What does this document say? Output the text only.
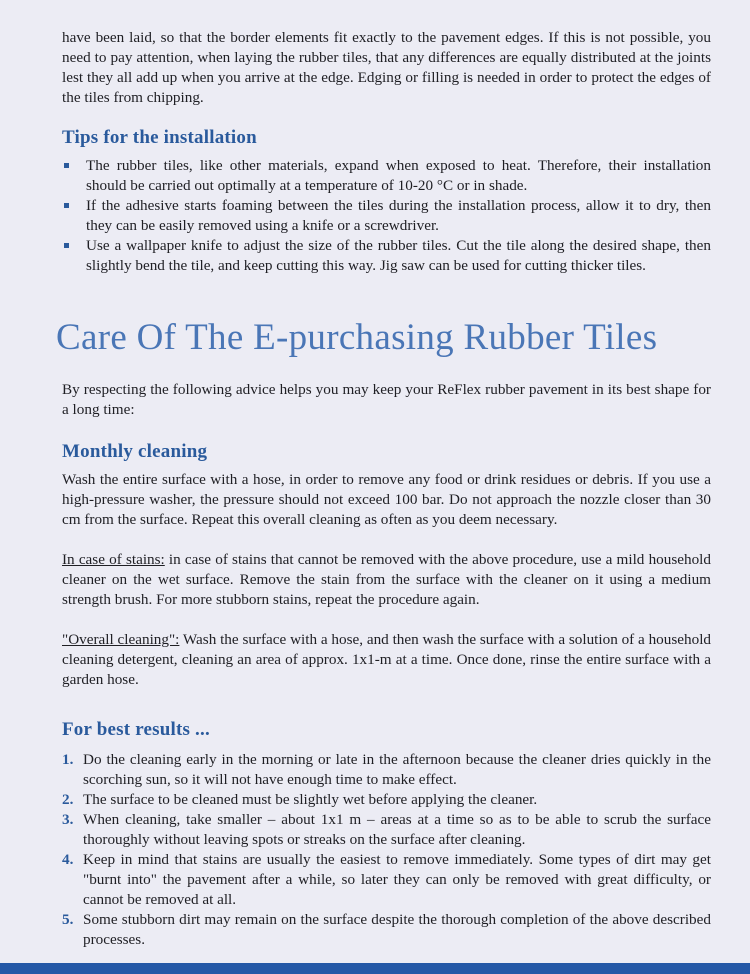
have been laid, so that the border elements fit exactly to the pavement edges. If this is not possible, you need to pay attention, when laying the rubber tiles, that any differences are equally distributed at the joints lest they all add up when you arrive at the edge. Edging or filling is needed in order to protect the edges of the tiles from chipping.

Tips for the installation
The rubber tiles, like other materials, expand when exposed to heat. Therefore, their installation should be carried out optimally at a temperature of 10-20 °C or in shade.
If the adhesive starts foaming between the tiles during the installation process, allow it to dry, then they can be easily removed using a knife or a screwdriver.
Use a wallpaper knife to adjust the size of the rubber tiles. Cut the tile along the desired shape, then slightly bend the tile, and keep cutting this way. Jig saw can be used for cutting thicker tiles.
Care Of The E-purchasing Rubber Tiles

By respecting the following advice helps you may keep your ReFlex rubber pavement in its best shape for a long time:

Monthly cleaning

Wash the entire surface with a hose, in order to remove any food or drink residues or debris. If you use a high-pressure washer, the pressure should not exceed 100 bar. Do not approach the nozzle closer than 30 cm from the surface. Repeat this overall cleaning as often as you deem necessary.

In case of stains: in case of stains that cannot be removed with the above procedure, use a mild household cleaner on the wet surface. Remove the stain from the surface with the cleaner on it using a medium strength brush. For more stubborn stains, repeat the procedure again.

"Overall cleaning": Wash the surface with a hose, and then wash the surface with a solution of a household cleaning detergent, cleaning an area of approx. 1x1-m at a time. Once done, rinse the entire surface with a garden hose.

For best results ...
1. Do the cleaning early in the morning or late in the afternoon because the cleaner dries quickly in the scorching sun, so it will not have enough time to make effect.
2. The surface to be cleaned must be slightly wet before applying the cleaner.
3. When cleaning, take smaller – about 1x1 m – areas at a time so as to be able to scrub the surface thoroughly without leaving spots or streaks on the surface after cleaning.
4. Keep in mind that stains are usually the easiest to remove immediately. Some types of dirt may get "burnt into" the pavement after a while, so later they can only be removed with great difficulty, or cannot be removed at all.
5. Some stubborn dirt may remain on the surface despite the thorough completion of the above described processes.
